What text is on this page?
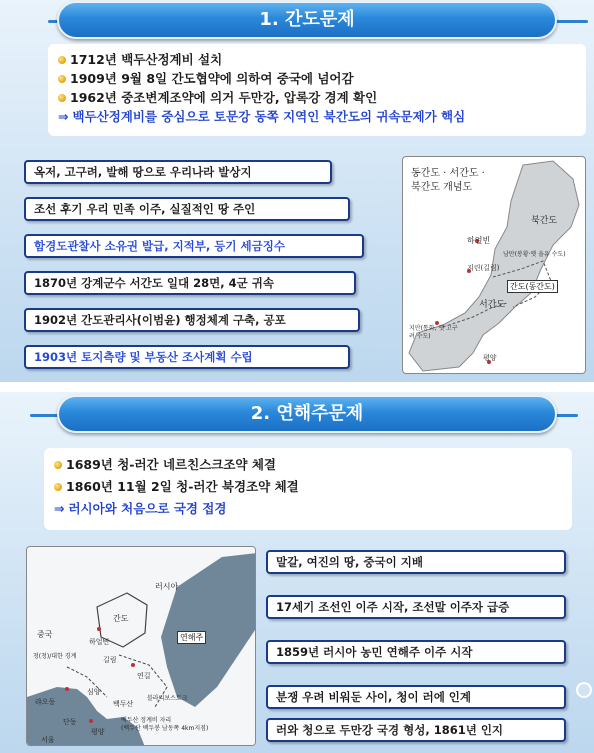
1. 간도문제
1712년 백두산정계비 설치
1909년 9월 8일 간도협약에 의하여 중국에 넘어감
1962년 중조변계조약에 의거 두만강, 압록강 경계 확인
⇒ 백두산정계비를 중심으로 토문강 동쪽 지역인 북간도의 귀속문제가 핵심
옥저, 고구려, 발해 땅으로 우리나라 발상지
조선 후기 우리 민족 이주, 실질적인 땅 주인
함경도관찰사 소유권 발급, 지적부, 등기 세금징수
1870년 강계군수 서간도 일대 28면, 4군 귀속
1902년 간도관리사(이범윤) 행정체계 구축, 공포
1903년 토지측량 및 부동산 조사계획 수립
동간도 · 서간도 ·
북간도 개념도
북간도
하얼빈
남만(봉황·옛 을유 수도)
지린(길림)
간도(동간도)
서간도
지안(통화, 옛 고구려 수도)
평양
2. 연해주문제
1689년 청-러간 네르친스크조약 체결
1860년 11월 2일 청-러간 북경조약 체결
⇒ 러시아와 처음으로 국경 접경
러시아
간도
하얼빈
중국	연해주
길림
연길
청(청)/대한 경계
심양
백두산
블라디보스토크
랴오둥
단둥
평양
서울
백두산 정계비 자리
(백두산 백두봉 남동쪽 4km지점)
말갈, 여진의 땅, 중국이 지배
17세기 조선인 이주 시작, 조선말 이주자 급증
1859년 러시아 농민 연해주 이주 시작
분쟁 우려 비워둔 사이, 청이 러에 인계
러와 청으로 두만강 국경 형성, 1861년 인지
